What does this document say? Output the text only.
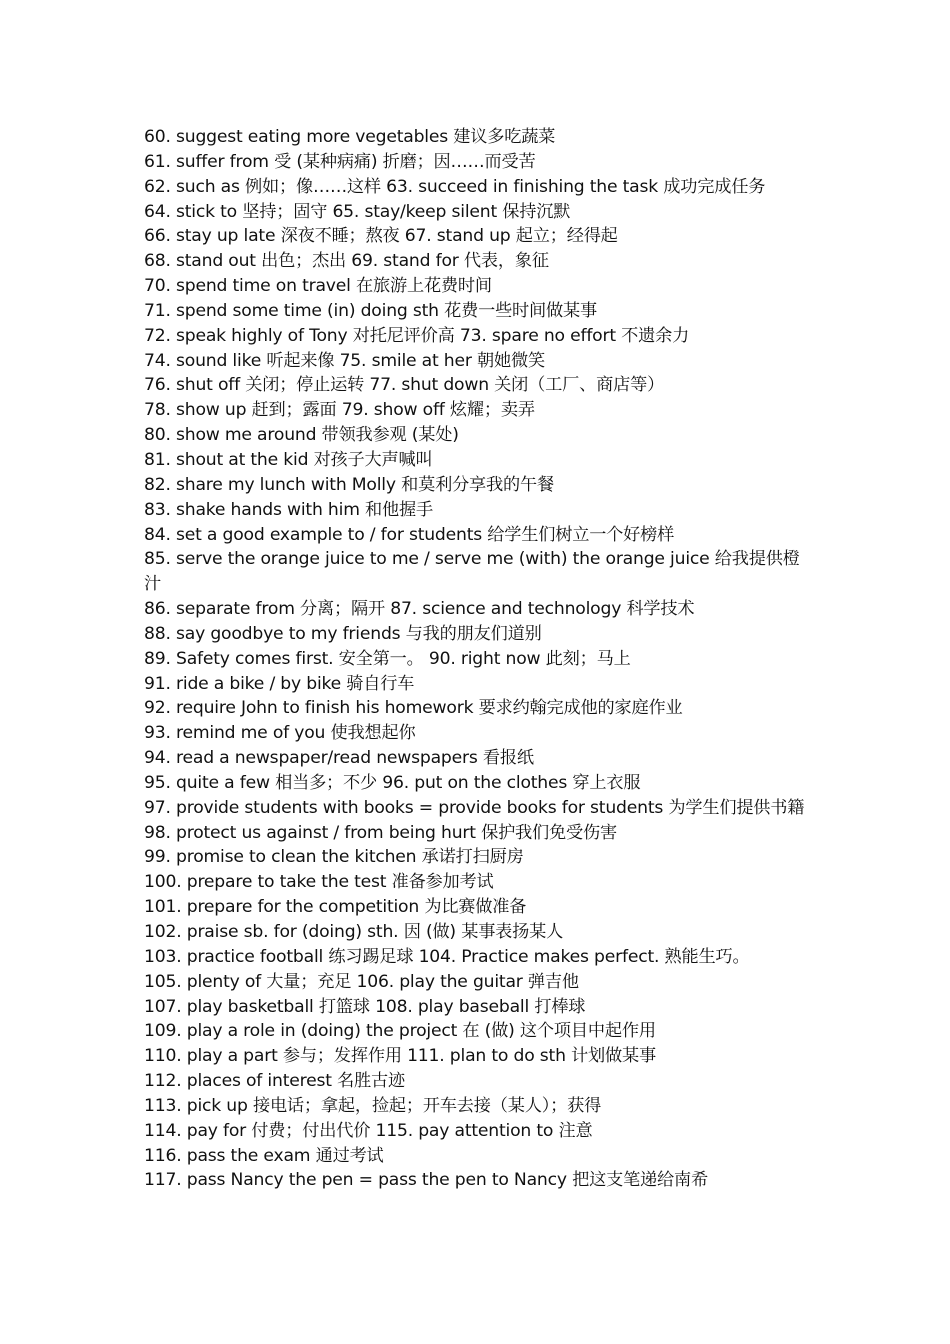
60. suggest eating more vegetables 建议多吃蔬菜

61. suffer from 受 (某种病痛) 折磨；因……而受苦

62. such as 例如；像……这样 63. succeed in finishing the task 成功完成任务

64. stick to 坚持；固守 65. stay/keep silent 保持沉默

66. stay up late 深夜不睡；熬夜 67. stand up 起立；经得起

68. stand out 出色；杰出 69. stand for 代表，象征

70. spend time on travel 在旅游上花费时间

71. spend some time (in) doing sth 花费一些时间做某事

72. speak highly of Tony 对托尼评价高 73. spare no effort 不遗余力

74. sound like 听起来像 75. smile at her 朝她微笑

76. shut off 关闭；停止运转 77. shut down 关闭（工厂、商店等）

78. show up 赶到；露面 79. show off 炫耀；卖弄

80. show me around 带领我参观 (某处)

81. shout at the kid 对孩子大声喊叫

82. share my lunch with Molly 和莫利分享我的午餐

83. shake hands with him 和他握手

84. set a good example to / for students 给学生们树立一个好榜样

85. serve the orange juice to me / serve me (with) the orange juice 给我提供橙汁

86. separate from 分离；隔开 87. science and technology 科学技术

88. say goodbye to my friends 与我的朋友们道别

89. Safety comes first. 安全第一。 90. right now 此刻；马上

91. ride a bike / by bike 骑自行车

92. require John to finish his homework 要求约翰完成他的家庭作业

93. remind me of you 使我想起你

94. read a newspaper/read newspapers 看报纸

95. quite a few 相当多；不少 96. put on the clothes 穿上衣服

97. provide students with books = provide books for students 为学生们提供书籍

98. protect us against / from being hurt 保护我们免受伤害

99. promise to clean the kitchen 承诺打扫厨房

100. prepare to take the test 准备参加考试

101. prepare for the competition 为比赛做准备

102. praise sb. for (doing) sth. 因 (做) 某事表扬某人

103. practice football 练习踢足球 104. Practice makes perfect. 熟能生巧。

105. plenty of 大量；充足 106. play the guitar 弹吉他

107. play basketball 打篮球 108. play baseball 打棒球

109. play a role in (doing) the project 在 (做) 这个项目中起作用

110. play a part 参与；发挥作用 111. plan to do sth 计划做某事

112. places of interest 名胜古迹

113. pick up 接电话；拿起，捡起；开车去接（某人）；获得

114. pay for 付费；付出代价 115. pay attention to 注意

116. pass the exam 通过考试

117. pass Nancy the pen = pass the pen to Nancy 把这支笔递给南希
